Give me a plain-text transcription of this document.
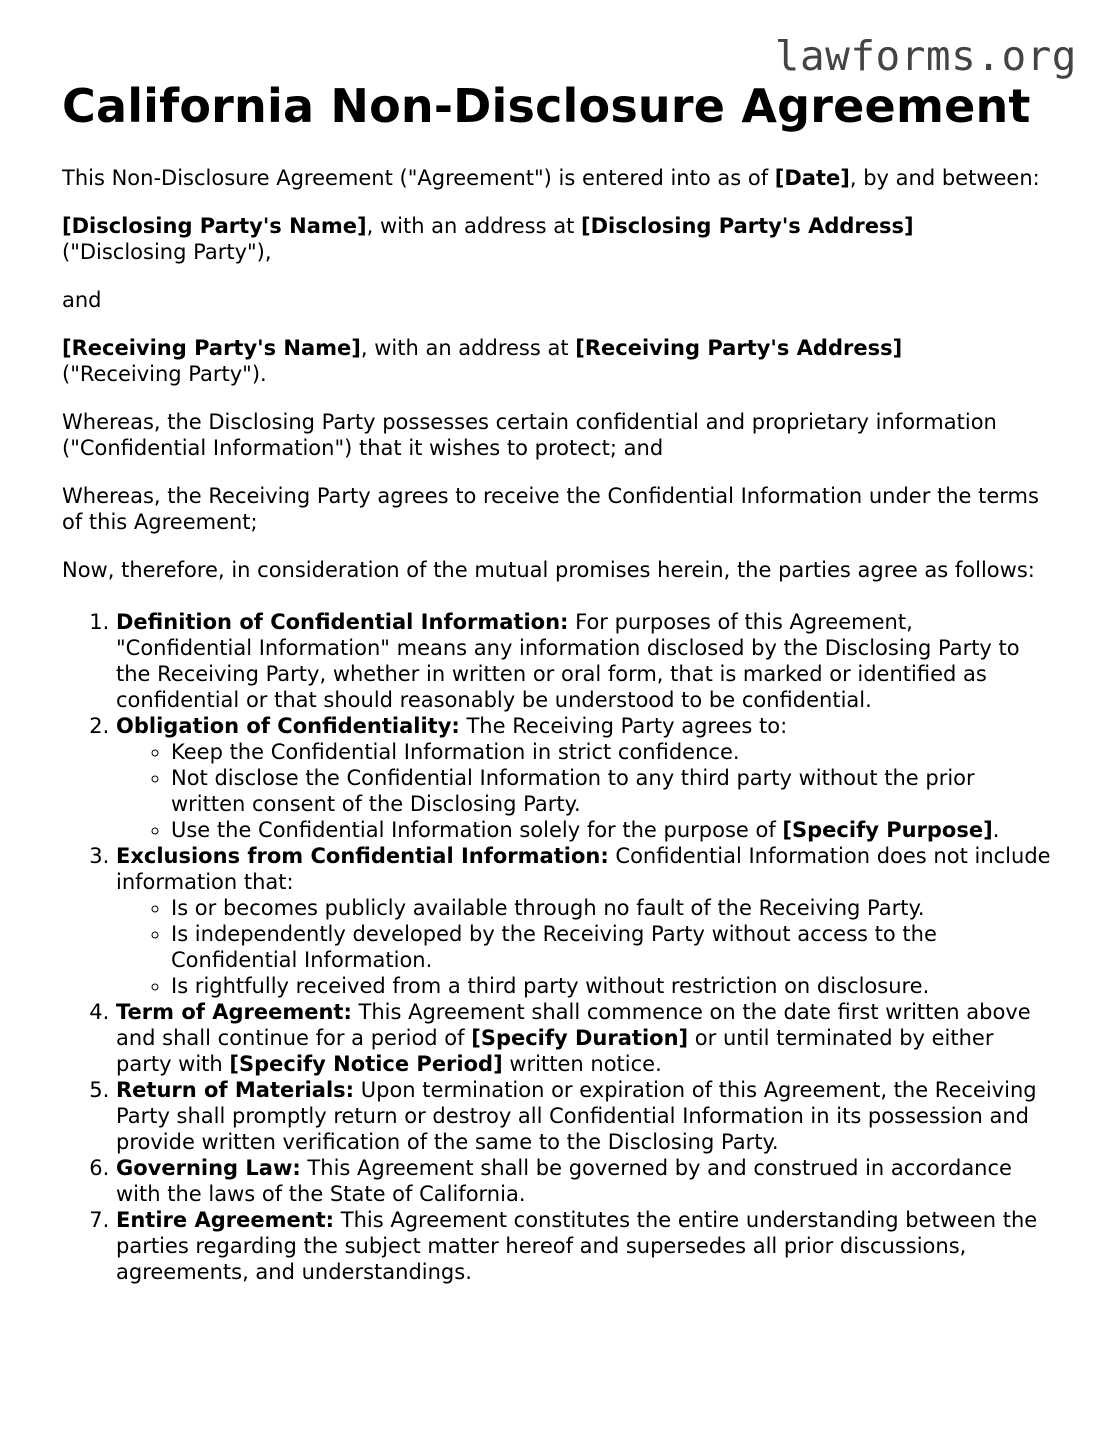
lawforms.org
California Non-Disclosure Agreement

This Non-Disclosure Agreement ("Agreement") is entered into as of [Date], by and between:

[Disclosing Party's Name], with an address at [Disclosing Party's Address]
("Disclosing Party"),

and

[Receiving Party's Name], with an address at [Receiving Party's Address]
("Receiving Party").

Whereas, the Disclosing Party possesses certain confidential and proprietary information ("Confidential Information") that it wishes to protect; and

Whereas, the Receiving Party agrees to receive the Confidential Information under the terms of this Agreement;

Now, therefore, in consideration of the mutual promises herein, the parties agree as follows:

1. Definition of Confidential Information: For purposes of this Agreement, "Confidential Information" means any information disclosed by the Disclosing Party to the Receiving Party, whether in written or oral form, that is marked or identified as confidential or that should reasonably be understood to be confidential.
2. Obligation of Confidentiality: The Receiving Party agrees to:
◦ Keep the Confidential Information in strict confidence.
◦ Not disclose the Confidential Information to any third party without the prior written consent of the Disclosing Party.
◦ Use the Confidential Information solely for the purpose of [Specify Purpose].
3. Exclusions from Confidential Information: Confidential Information does not include information that:
◦ Is or becomes publicly available through no fault of the Receiving Party.
◦ Is independently developed by the Receiving Party without access to the Confidential Information.
◦ Is rightfully received from a third party without restriction on disclosure.
4. Term of Agreement: This Agreement shall commence on the date first written above and shall continue for a period of [Specify Duration] or until terminated by either party with [Specify Notice Period] written notice.
5. Return of Materials: Upon termination or expiration of this Agreement, the Receiving Party shall promptly return or destroy all Confidential Information in its possession and provide written verification of the same to the Disclosing Party.
6. Governing Law: This Agreement shall be governed by and construed in accordance with the laws of the State of California.
7. Entire Agreement: This Agreement constitutes the entire understanding between the parties regarding the subject matter hereof and supersedes all prior discussions, agreements, and understandings.
